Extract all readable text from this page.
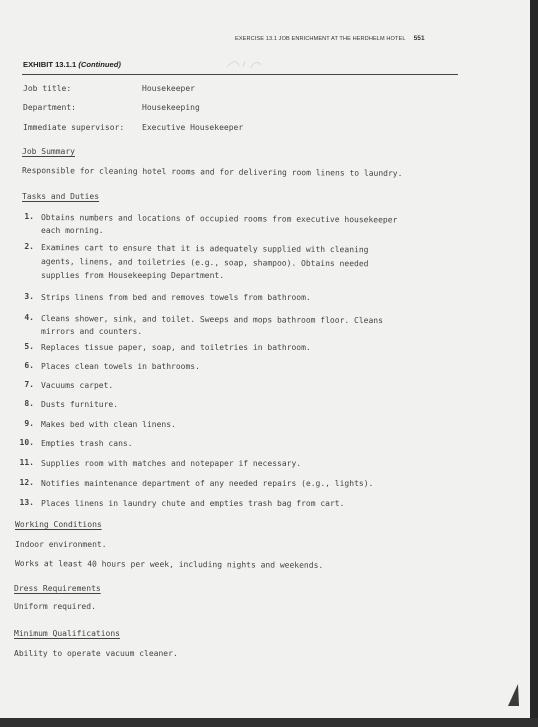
EXERCISE 13.1 JOB ENRICHMENT AT THE HERDHELM HOTEL 551
EXHIBIT 13.1.1 (Continued)
Job title:	Housekeeper
Department:	Housekeeping
Immediate supervisor: Executive Housekeeper
Job Summary
Responsible for cleaning hotel rooms and for delivering room linens to laundry.
Tasks and Duties
1. Obtains numbers and locations of occupied rooms from executive housekeeper
each morning.
2. Examines cart to ensure that it is adequately supplied with cleaning
agents, linens, and toiletries (e.g., soap, shampoo). Obtains needed
supplies from Housekeeping Department.
3. Strips linens from bed and removes towels from bathroom.
4. Cleans shower, sink, and toilet. Sweeps and mops bathroom floor. Cleans
mirrors and counters.
5. Replaces tissue paper, soap, and toiletries in bathroom.
6. Places clean towels in bathrooms.
7. Vacuums carpet.
8. Dusts furniture.
9. Makes bed with clean linens.
10. Empties trash cans.
11. Supplies room with matches and notepaper if necessary.
12. Notifies maintenance department of any needed repairs (e.g., lights).
13. Places linens in laundry chute and empties trash bag from cart.
Working Conditions
Indoor environment.
Works at least 40 hours per week, including nights and weekends.
Dress Requirements
Uniform required.
Minimum Qualifications
Ability to operate vacuum cleaner.
